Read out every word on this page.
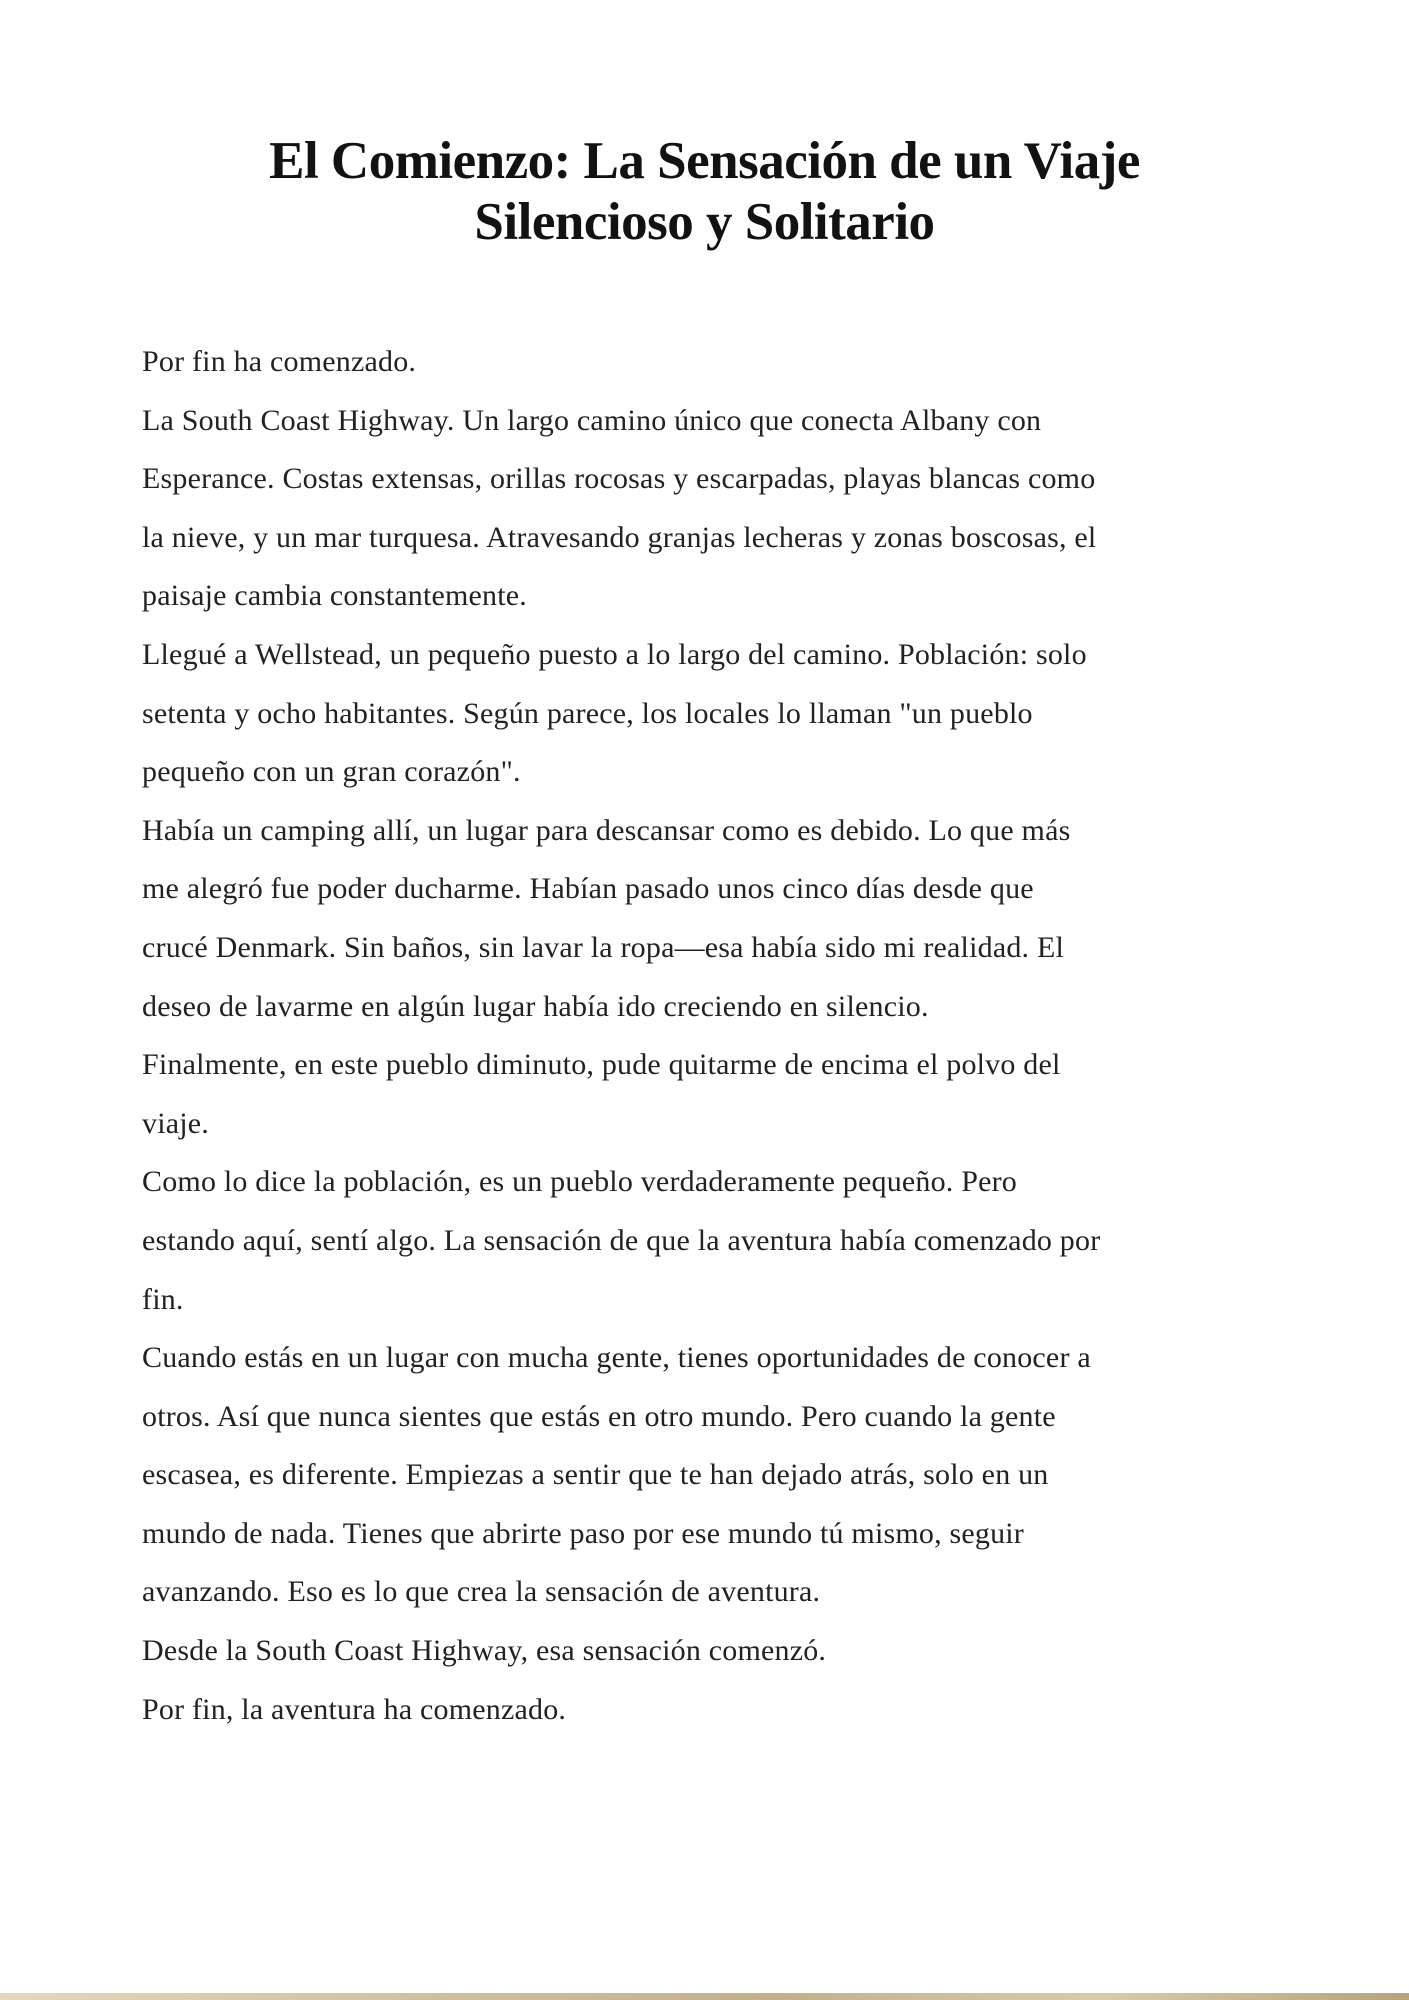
El Comienzo: La Sensación de un Viaje
Silencioso y Solitario

Por fin ha comenzado.

La South Coast Highway. Un largo camino único que conecta Albany con
Esperance. Costas extensas, orillas rocosas y escarpadas, playas blancas como
la nieve, y un mar turquesa. Atravesando granjas lecheras y zonas boscosas, el
paisaje cambia constantemente.

Llegué a Wellstead, un pequeño puesto a lo largo del camino. Población: solo
setenta y ocho habitantes. Según parece, los locales lo llaman "un pueblo
pequeño con un gran corazón".

Había un camping allí, un lugar para descansar como es debido. Lo que más
me alegró fue poder ducharme. Habían pasado unos cinco días desde que
crucé Denmark. Sin baños, sin lavar la ropa—esa había sido mi realidad. El
deseo de lavarme en algún lugar había ido creciendo en silencio.

Finalmente, en este pueblo diminuto, pude quitarme de encima el polvo del
viaje.

Como lo dice la población, es un pueblo verdaderamente pequeño. Pero
estando aquí, sentí algo. La sensación de que la aventura había comenzado por
fin.

Cuando estás en un lugar con mucha gente, tienes oportunidades de conocer a
otros. Así que nunca sientes que estás en otro mundo. Pero cuando la gente
escasea, es diferente. Empiezas a sentir que te han dejado atrás, solo en un
mundo de nada. Tienes que abrirte paso por ese mundo tú mismo, seguir
avanzando. Eso es lo que crea la sensación de aventura.

Desde la South Coast Highway, esa sensación comenzó.

Por fin, la aventura ha comenzado.
